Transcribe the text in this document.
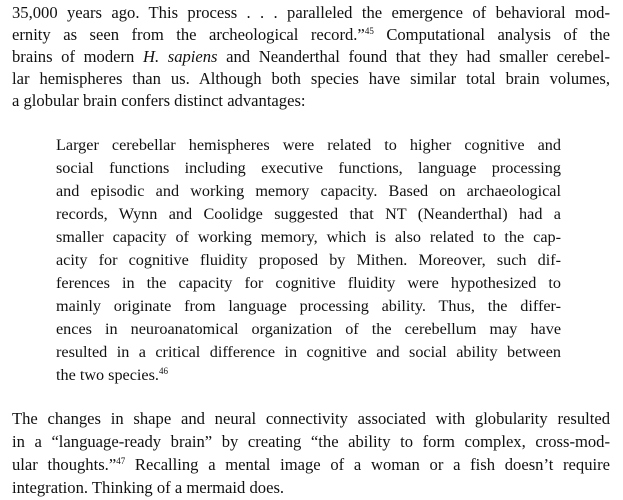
35,000 years ago. This process . . . paralleled the emergence of behavioral mod-
ernity as seen from the archeological record.”$^{45}$ Computational analysis of the
brains of modern H. sapiens and Neanderthal found that they had smaller cerebel-
lar hemispheres than us. Although both species have similar total brain volumes,
a globular brain confers distinct advantages:
Larger cerebellar hemispheres were related to higher cognitive and
social functions including executive functions, language processing
and episodic and working memory capacity. Based on archaeological
records, Wynn and Coolidge suggested that NT (Neanderthal) had a
smaller capacity of working memory, which is also related to the cap-
acity for cognitive fluidity proposed by Mithen. Moreover, such dif-
ferences in the capacity for cognitive fluidity were hypothesized to
mainly originate from language processing ability. Thus, the differ-
ences in neuroanatomical organization of the cerebellum may have
resulted in a critical difference in cognitive and social ability between
the two species.$^{46}$
The changes in shape and neural connectivity associated with globularity resulted
in a “language-ready brain” by creating “the ability to form complex, cross-mod-
ular thoughts.”$^{47}$ Recalling a mental image of a woman or a fish doesn’t require
integration. Thinking of a mermaid does.
